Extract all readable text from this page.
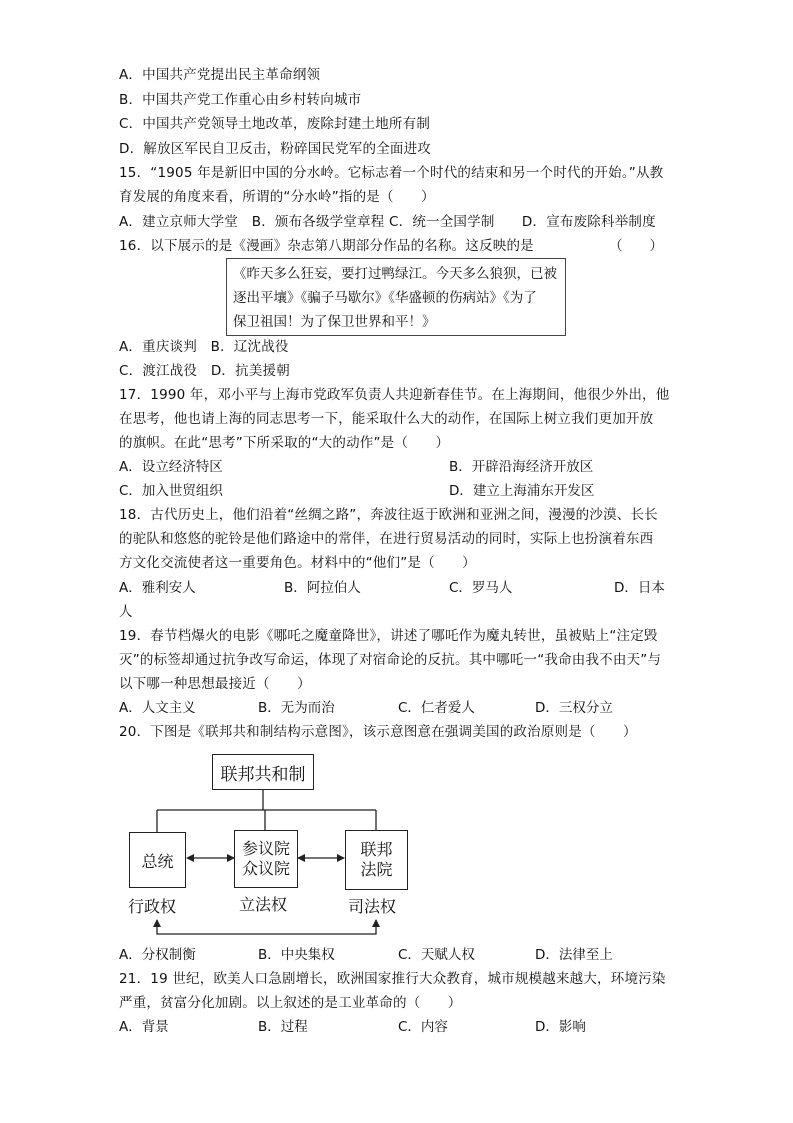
A．中国共产党提出民主革命纲领
B．中国共产党工作重心由乡村转向城市
C．中国共产党领导土地改革，废除封建土地所有制
D．解放区军民自卫反击，粉碎国民党军的全面进攻
15．“1905 年是新旧中国的分水岭。它标志着一个时代的结束和另一个时代的开始。”从教
育发展的角度来看，所谓的“分水岭”指的是（　　）
A．建立京师大学堂　B．颁布各级学堂章程 C．统一全国学制　　D．宣布废除科举制度
16．以下展示的是《漫画》杂志第八期部分作品的名称。这反映的是	（　　）
《昨天多么狂妄，要打过鸭绿江。今天多么狼狈，已被
逐出平壤》《骗子马歇尔》《华盛顿的伤病站》《为了
保卫祖国！为了保卫世界和平！》
A．重庆谈判　B．辽沈战役
C．渡江战役　D．抗美援朝
17．1990 年，邓小平与上海市党政军负责人共迎新春佳节。在上海期间，他很少外出，他
在思考，他也请上海的同志思考一下，能采取什么大的动作，在国际上树立我们更加开放
的旗帜。在此“思考”下所采取的“大的动作”是（　　）
A．设立经济特区	B．开辟沿海经济开放区
C．加入世贸组织	D．建立上海浦东开发区
18．古代历史上，他们沿着“丝绸之路”，奔波往返于欧洲和亚洲之间，漫漫的沙漠、长长
的驼队和悠悠的驼铃是他们路途中的常伴，在进行贸易活动的同时，实际上也扮演着东西
方文化交流使者这一重要角色。材料中的“他们”是（　　）
A．雅利安人	B．阿拉伯人	C．罗马人	D．日本
人
19．春节档爆火的电影《哪吒之魔童降世》，讲述了哪吒作为魔丸转世，虽被贴上“注定毁
灭”的标签却通过抗争改写命运，体现了对宿命论的反抗。其中哪吒一“我命由我不由天”与
以下哪一种思想最接近（　　）
A．人文主义	B．无为而治	C．仁者爱人	D．三权分立
20．下图是《联邦共和制结构示意图》，该示意图意在强调美国的政治原则是（　　）
联邦共和制
总统
参议院
众议院
联邦
法院
行政权	立法权	司法权
A．分权制衡	B．中央集权	C．天赋人权	D．法律至上
21．19 世纪，欧美人口急剧增长，欧洲国家推行大众教育，城市规模越来越大，环境污染
严重，贫富分化加剧。以上叙述的是工业革命的（　　）
A．背景	B．过程	C．内容	D．影响
